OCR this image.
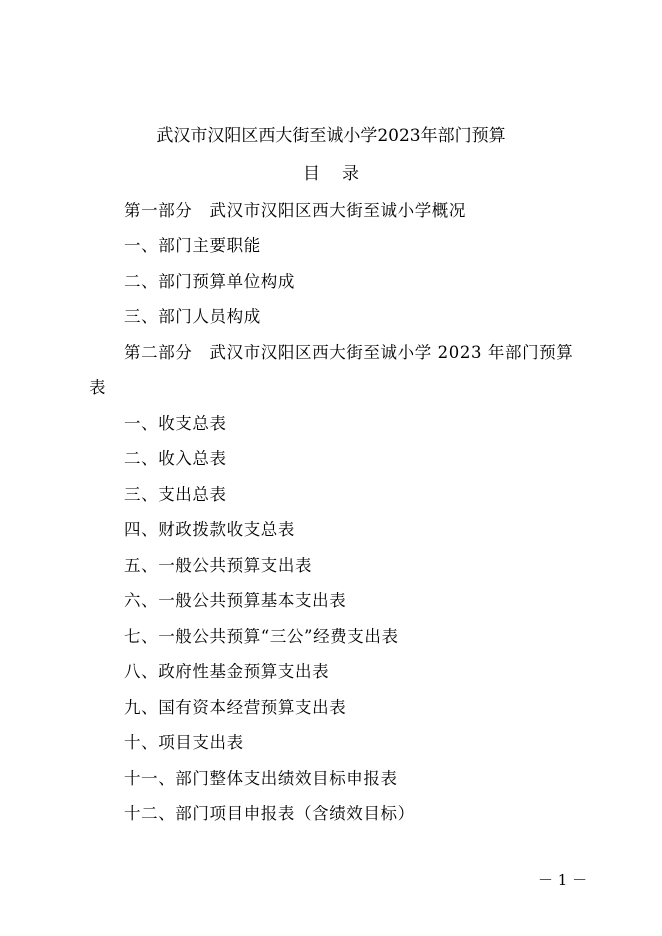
武汉市汉阳区西大街至诚小学2023年部门预算
目录
第一部分　武汉市汉阳区西大街至诚小学概况
一、部门主要职能
二、部门预算单位构成
三、部门人员构成
第二部分　武汉市汉阳区西大街至诚小学 2023 年部门预算
表
一、收支总表
二、收入总表
三、支出总表
四、财政拨款收支总表
五、一般公共预算支出表
六、一般公共预算基本支出表
七、一般公共预算“三公”经费支出表
八、政府性基金预算支出表
九、国有资本经营预算支出表
十、项目支出表
十一、部门整体支出绩效目标申报表
十二、部门项目申报表（含绩效目标）
－ 1 －
